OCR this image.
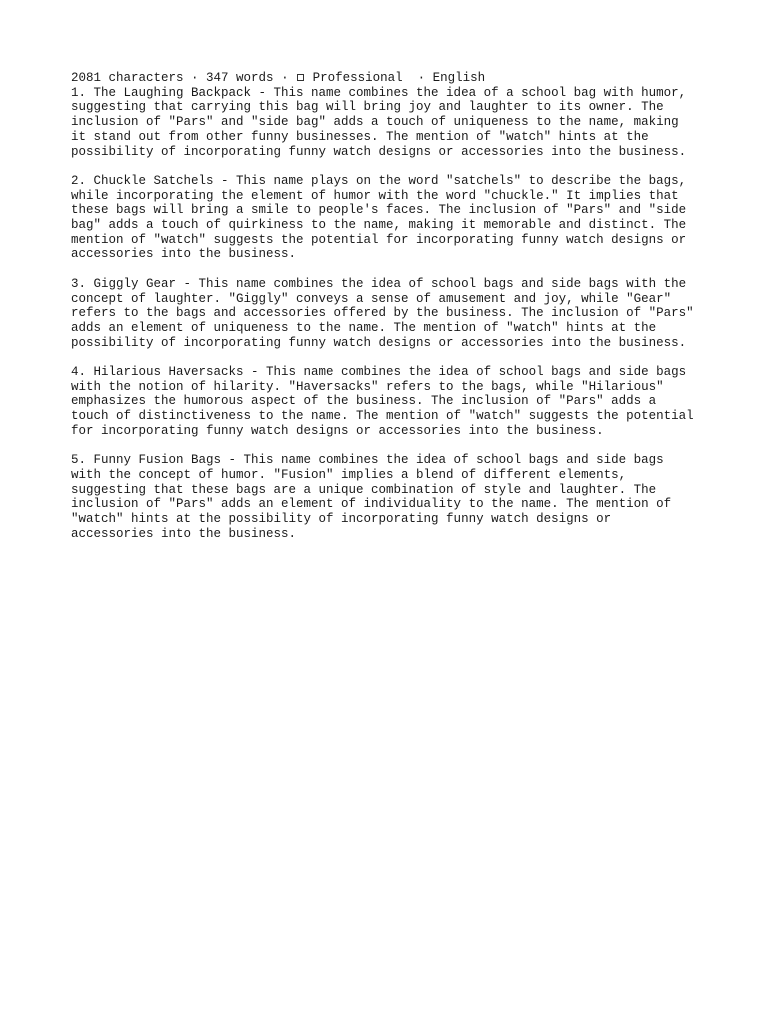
2081 characters · 347 words ·  Professional  · English

1. The Laughing Backpack - This name combines the idea of a school bag with humor,
suggesting that carrying this bag will bring joy and laughter to its owner. The
inclusion of "Pars" and "side bag" adds a touch of uniqueness to the name, making
it stand out from other funny businesses. The mention of "watch" hints at the
possibility of incorporating funny watch designs or accessories into the business.

2. Chuckle Satchels - This name plays on the word "satchels" to describe the bags,
while incorporating the element of humor with the word "chuckle." It implies that
these bags will bring a smile to people's faces. The inclusion of "Pars" and "side
bag" adds a touch of quirkiness to the name, making it memorable and distinct. The
mention of "watch" suggests the potential for incorporating funny watch designs or
accessories into the business.

3. Giggly Gear - This name combines the idea of school bags and side bags with the
concept of laughter. "Giggly" conveys a sense of amusement and joy, while "Gear"
refers to the bags and accessories offered by the business. The inclusion of "Pars"
adds an element of uniqueness to the name. The mention of "watch" hints at the
possibility of incorporating funny watch designs or accessories into the business.

4. Hilarious Haversacks - This name combines the idea of school bags and side bags
with the notion of hilarity. "Haversacks" refers to the bags, while "Hilarious"
emphasizes the humorous aspect of the business. The inclusion of "Pars" adds a
touch of distinctiveness to the name. The mention of "watch" suggests the potential
for incorporating funny watch designs or accessories into the business.

5. Funny Fusion Bags - This name combines the idea of school bags and side bags
with the concept of humor. "Fusion" implies a blend of different elements,
suggesting that these bags are a unique combination of style and laughter. The
inclusion of "Pars" adds an element of individuality to the name. The mention of
"watch" hints at the possibility of incorporating funny watch designs or
accessories into the business.
